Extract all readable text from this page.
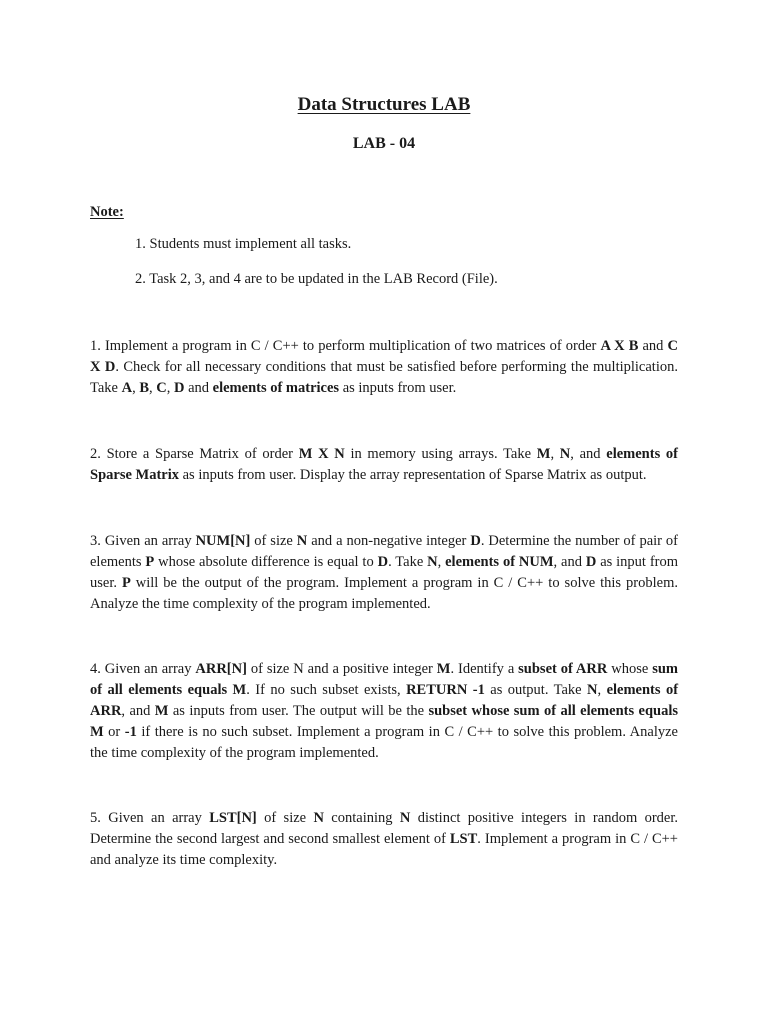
Data Structures LAB
LAB - 04
Note:
1. Students must implement all tasks.
2. Task 2, 3, and 4 are to be updated in the LAB Record (File).
1. Implement a program in C / C++ to perform multiplication of two matrices of order A X B and C X D. Check for all necessary conditions that must be satisfied before performing the multiplication. Take A, B, C, D and elements of matrices as inputs from user.
2. Store a Sparse Matrix of order M X N in memory using arrays. Take M, N, and elements of Sparse Matrix as inputs from user. Display the array representation of Sparse Matrix as output.
3. Given an array NUM[N] of size N and a non-negative integer D. Determine the number of pair of elements P whose absolute difference is equal to D. Take N, elements of NUM, and D as input from user. P will be the output of the program. Implement a program in C / C++ to solve this problem. Analyze the time complexity of the program implemented.
4. Given an array ARR[N] of size N and a positive integer M. Identify a subset of ARR whose sum of all elements equals M. If no such subset exists, RETURN -1 as output. Take N, elements of ARR, and M as inputs from user. The output will be the subset whose sum of all elements equals M or -1 if there is no such subset. Implement a program in C / C++ to solve this problem. Analyze the time complexity of the program implemented.
5. Given an array LST[N] of size N containing N distinct positive integers in random order. Determine the second largest and second smallest element of LST. Implement a program in C / C++ and analyze its time complexity.
